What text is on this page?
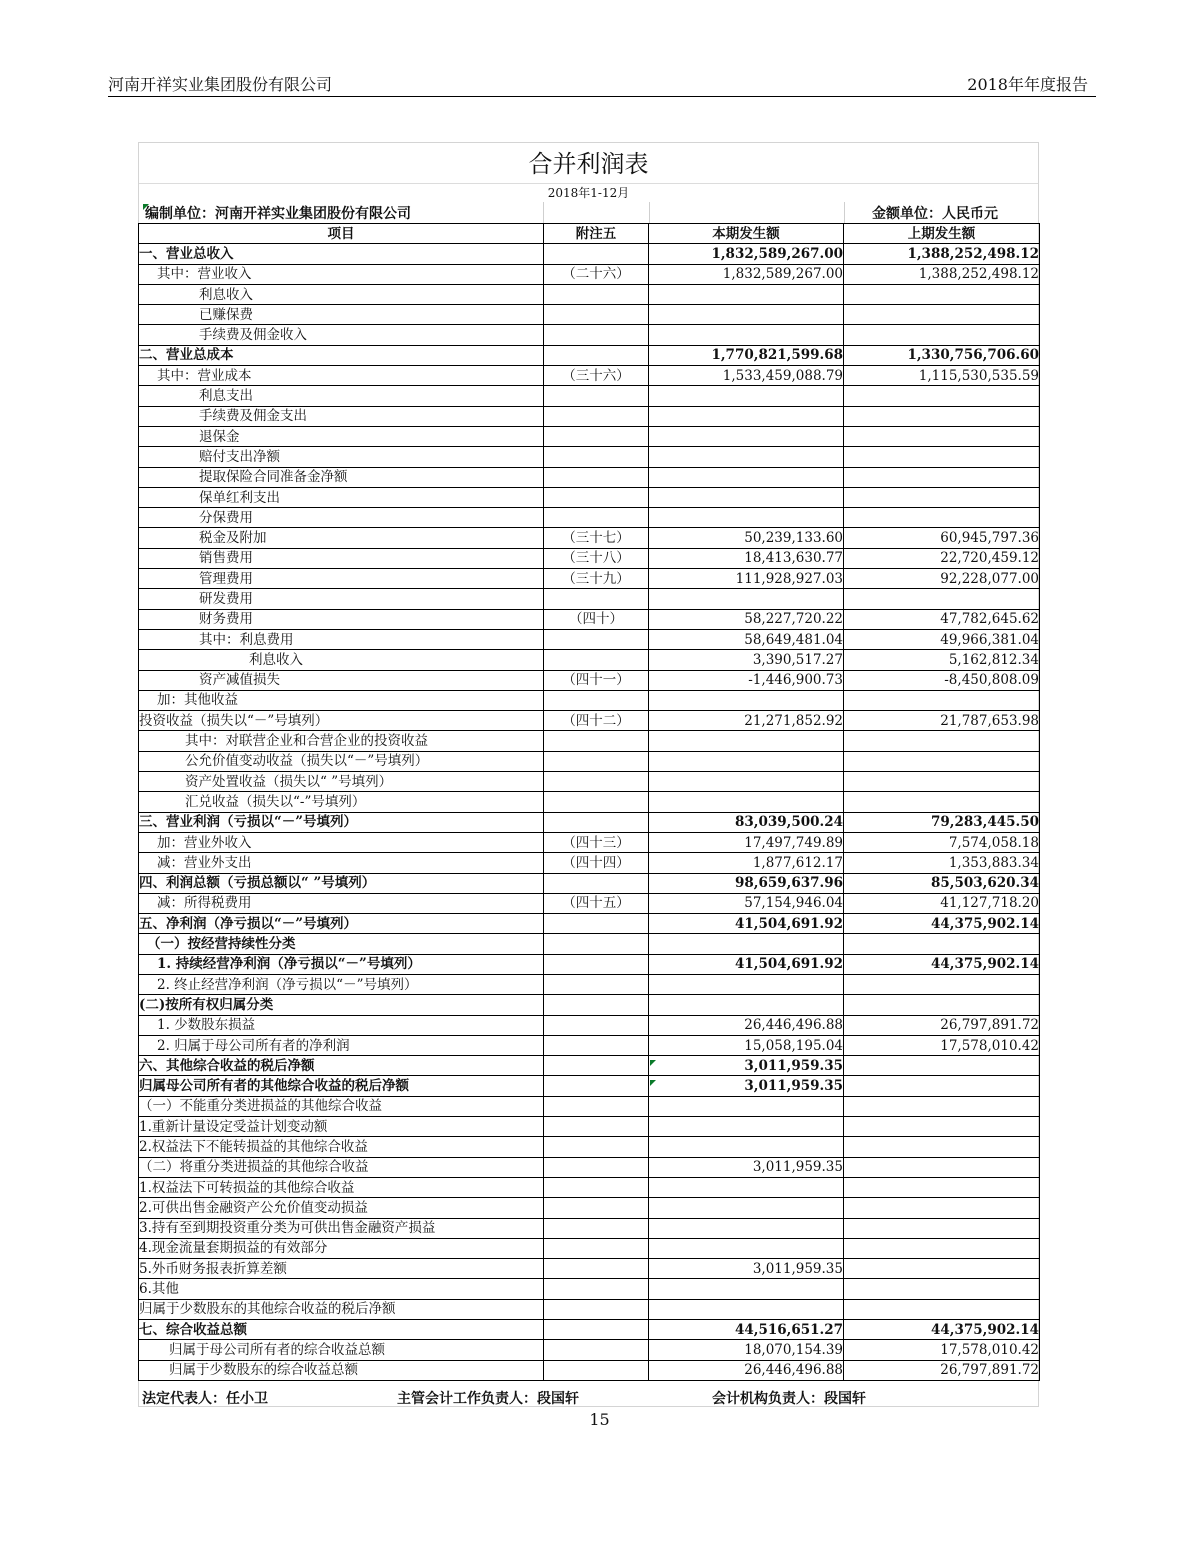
河南开祥实业集团股份有限公司	2018年年度报告
合并利润表
2018年1-12月
编制单位：河南开祥实业集团股份有限公司	金额单位：人民币元
项目	附注五	本期发生额	上期发生额
一、营业总收入		1,832,589,267.00	1,388,252,498.12
其中：营业收入	（二十六）	1,832,589,267.00	1,388,252,498.12
利息收入			
已赚保费			
手续费及佣金收入			
二、营业总成本		1,770,821,599.68	1,330,756,706.60
其中：营业成本	（三十六）	1,533,459,088.79	1,115,530,535.59
利息支出			
手续费及佣金支出			
退保金			
赔付支出净额			
提取保险合同准备金净额			
保单红利支出			
分保费用			
税金及附加	（三十七）	50,239,133.60	60,945,797.36
销售费用	（三十八）	18,413,630.77	22,720,459.12
管理费用	（三十九）	111,928,927.03	92,228,077.00
研发费用			
财务费用	（四十）	58,227,720.22	47,782,645.62
其中：利息费用		58,649,481.04	49,966,381.04
利息收入		3,390,517.27	5,162,812.34
资产减值损失	（四十一）	-1,446,900.73	-8,450,808.09
加：其他收益			
投资收益（损失以“－”号填列）	（四十二）	21,271,852.92	21,787,653.98
其中：对联营企业和合营企业的投资收益			
公允价值变动收益（损失以“－”号填列）			
资产处置收益（损失以“ ”号填列）			
汇兑收益（损失以“-”号填列）			
三、营业利润（亏损以“－”号填列）		83,039,500.24	79,283,445.50
加：营业外收入	（四十三）	17,497,749.89	7,574,058.18
减：营业外支出	（四十四）	1,877,612.17	1,353,883.34
四、利润总额（亏损总额以“ ”号填列）		98,659,637.96	85,503,620.34
减：所得税费用	（四十五）	57,154,946.04	41,127,718.20
五、净利润（净亏损以“－”号填列）		41,504,691.92	44,375,902.14
（一）按经营持续性分类			
1. 持续经营净利润（净亏损以“－”号填列）		41,504,691.92	44,375,902.14
2. 终止经营净利润（净亏损以“－”号填列）			
(二)按所有权归属分类			
1. 少数股东损益		26,446,496.88	26,797,891.72
2. 归属于母公司所有者的净利润		15,058,195.04	17,578,010.42
六、其他综合收益的税后净额		3,011,959.35	
归属母公司所有者的其他综合收益的税后净额		3,011,959.35	
（一）不能重分类进损益的其他综合收益			
1.重新计量设定受益计划变动额			
2.权益法下不能转损益的其他综合收益			
（二）将重分类进损益的其他综合收益		3,011,959.35	
1.权益法下可转损益的其他综合收益			
2.可供出售金融资产公允价值变动损益			
3.持有至到期投资重分类为可供出售金融资产损益			
4.现金流量套期损益的有效部分			
5.外币财务报表折算差额		3,011,959.35	
6.其他			
归属于少数股东的其他综合收益的税后净额			
七、综合收益总额		44,516,651.27	44,375,902.14
归属于母公司所有者的综合收益总额		18,070,154.39	17,578,010.42
归属于少数股东的综合收益总额		26,446,496.88	26,797,891.72
法定代表人：任小卫	主管会计工作负责人：段国轩	会计机构负责人：段国轩
15
